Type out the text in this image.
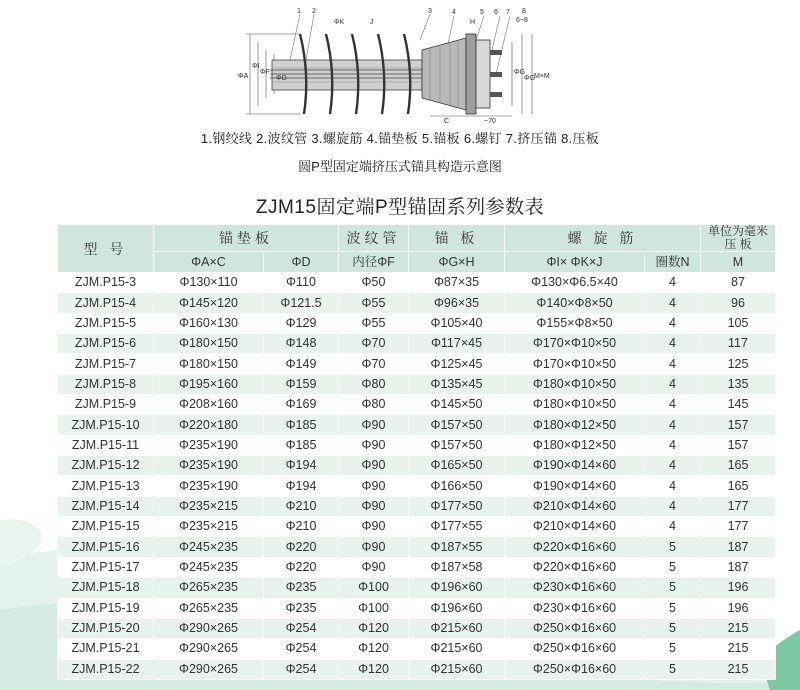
1 2	3	4	5 6 7
6~8
8
H
J
ΦK
C	~70
ΦA
ΦI
ΦF
ΦD
ΦG
ΦG
M×M
1.钢绞线 2.波纹管 3.螺旋筋 4.锚垫板 5.锚板 6.螺钉 7.挤压锚 8.压板
圆P型固定端挤压式锚具构造示意图
ZJM15固定端P型锚固系列参数表
型 号	锚垫板		波纹管	锚 板	螺 旋 筋		单位为毫米
压 板

	ΦA×C	ΦD	内径ΦF	ΦG×H	ΦI× ΦK×J	圈数N	M
ZJM.P15-3	Φ130×110	Φ110	Φ50	Φ87×35	Φ130×Φ6.5×40	4	87
ZJM.P15-4	Φ145×120	Φ121.5	Φ55	Φ96×35	Φ140×Φ8×50	4	96
ZJM.P15-5	Φ160×130	Φ129	Φ55	Φ105×40	Φ155×Φ8×50	4	105
ZJM.P15-6	Φ180×150	Φ148	Φ70	Φ117×45	Φ170×Φ10×50	4	117
ZJM.P15-7	Φ180×150	Φ149	Φ70	Φ125×45	Φ170×Φ10×50	4	125
ZJM.P15-8	Φ195×160	Φ159	Φ80	Φ135×45	Φ180×Φ10×50	4	135
ZJM.P15-9	Φ208×160	Φ169	Φ80	Φ145×50	Φ180×Φ10×50	4	145
ZJM.P15-10	Φ220×180	Φ185	Φ90	Φ157×50	Φ180×Φ12×50	4	157
ZJM.P15-11	Φ235×190	Φ185	Φ90	Φ157×50	Φ180×Φ12×50	4	157
ZJM.P15-12	Φ235×190	Φ194	Φ90	Φ165×50	Φ190×Φ14×60	4	165
ZJM.P15-13	Φ235×190	Φ194	Φ90	Φ166×50	Φ190×Φ14×60	4	165
ZJM.P15-14	Φ235×215	Φ210	Φ90	Φ177×50	Φ210×Φ14×60	4	177
ZJM.P15-15	Φ235×215	Φ210	Φ90	Φ177×55	Φ210×Φ14×60	4	177
ZJM.P15-16	Φ245×235	Φ220	Φ90	Φ187×55	Φ220×Φ16×60	5	187
ZJM.P15-17	Φ245×235	Φ220	Φ90	Φ187×58	Φ220×Φ16×60	5	187
ZJM.P15-18	Φ265×235	Φ235	Φ100	Φ196×60	Φ230×Φ16×60	5	196
ZJM.P15-19	Φ265×235	Φ235	Φ100	Φ196×60	Φ230×Φ16×60	5	196
ZJM.P15-20	Φ290×265	Φ254	Φ120	Φ215×60	Φ250×Φ16×60	5	215
ZJM.P15-21	Φ290×265	Φ254	Φ120	Φ215×60	Φ250×Φ16×60	5	215
ZJM.P15-22	Φ290×265	Φ254	Φ120	Φ215×60	Φ250×Φ16×60	5	215
